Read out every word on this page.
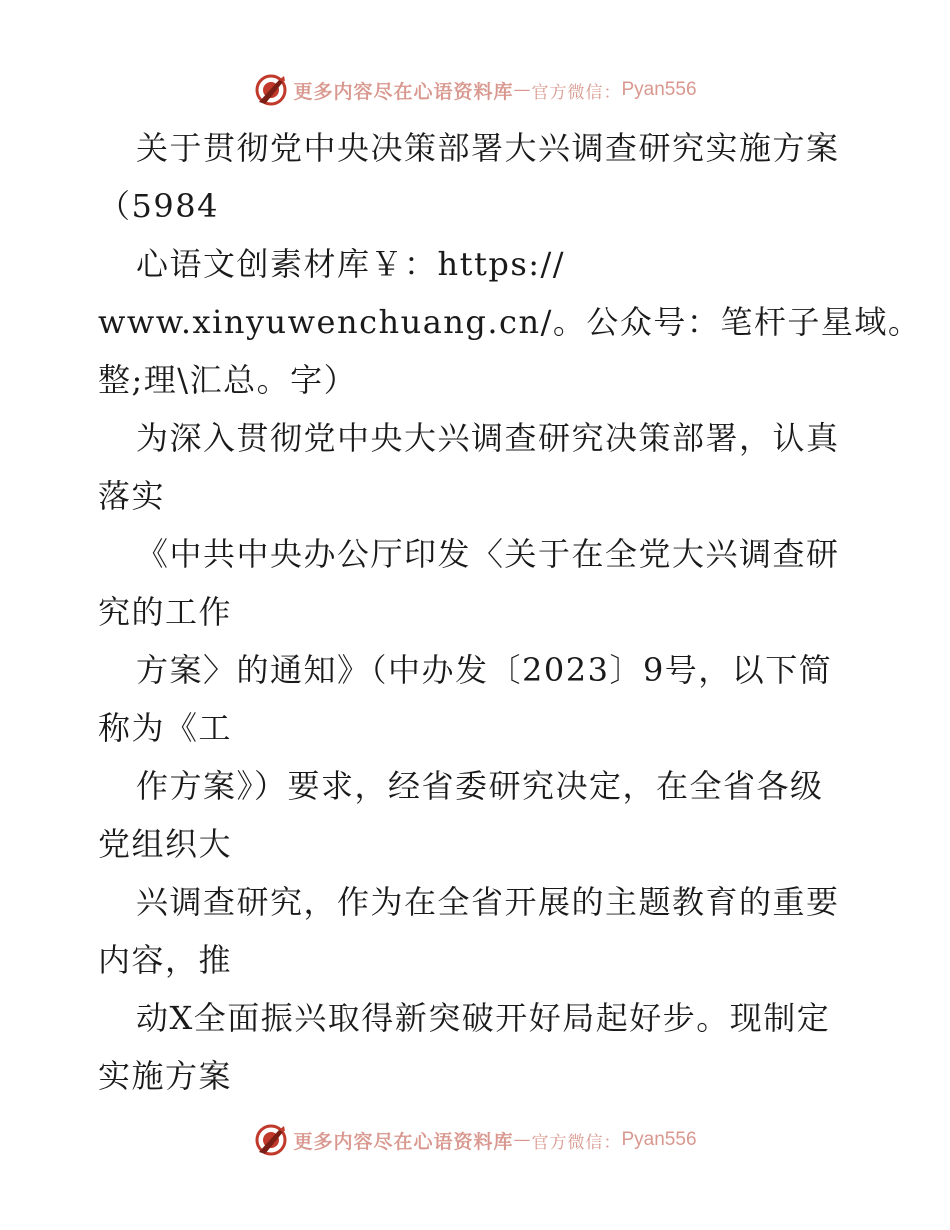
更多内容尽在心语资料库 — 官方微信： Pyan556
关于贯彻党中央决策部署大兴调查研究实施方案
（5984
心语文创素材库￥：https://
www.xinyuwenchuang.cn/。公众号：笔杆子星域。
整;理\汇总。字）
为深入贯彻党中央大兴调查研究决策部署，认真
落实
《中共中央办公厅印发〈关于在全党大兴调查研
究的工作
方案〉的通知》（中办发〔2023〕9号，以下简
称为《工
作方案》）要求，经省委研究决定，在全省各级
党组织大
兴调查研究，作为在全省开展的主题教育的重要
内容，推
动X全面振兴取得新突破开好局起好步。现制定
实施方案
更多内容尽在心语资料库 — 官方微信： Pyan556
